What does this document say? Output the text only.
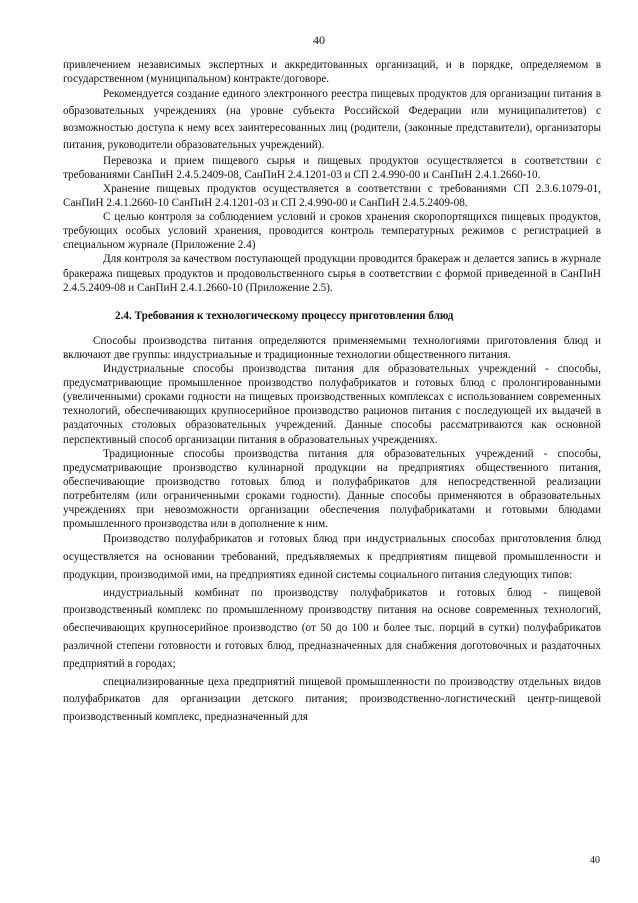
40

привлечением независимых экспертных и аккредитованных организаций, и в порядке, определяемом в государственном (муниципальном) контракте/договоре.

Рекомендуется создание единого электронного реестра пищевых продуктов для организации питания в образовательных учреждениях (на уровне субъекта Российской Федерации или муниципалитетов) с возможностью доступа к нему всех заинтересованных лиц (родители, (законные представители), организаторы питания, руководители образовательных учреждений).

Перевозка и прием пищевого сырья и пищевых продуктов осуществляется в соответствии с требованиями СанПиН 2.4.5.2409-08, СанПиН 2.4.1201-03 и СП 2.4.990-00 и СанПиН 2.4.1.2660-10.

Хранение пищевых продуктов осуществляется в соответствии с требованиями СП 2.3.6.1079-01, СанПиН 2.4.1.2660-10 СанПиН 2.4.1201-03 и СП 2.4.990-00 и СанПиН 2.4.5.2409-08.

С целью контроля за соблюдением условий и сроков хранения скоропортящихся пищевых продуктов, требующих особых условий хранения, проводится контроль температурных режимов с регистрацией в специальном журнале (Приложение 2.4)

Для контроля за качеством поступающей продукции проводится бракераж и делается запись в журнале бракеража пищевых продуктов и продовольственного сырья в соответствии с формой приведенной в СанПиН 2.4.5.2409-08 и СанПиН 2.4.1.2660-10 (Приложение 2.5).

2.4. Требования к технологическому процессу приготовления блюд

Способы производства питания определяются применяемыми технологиями приготовления блюд и включают две группы: индустриальные и традиционные технологии общественного питания.

Индустриальные способы производства питания для образовательных учреждений - способы, предусматривающие промышленное производство полуфабрикатов и готовых блюд с пролонгированными (увеличенными) сроками годности на пищевых производственных комплексах с использованием современных технологий, обеспечивающих крупносерийное производство рационов питания с последующей их выдачей в раздаточных столовых образовательных учреждений. Данные способы рассматриваются как основной перспективный способ организации питания в образовательных учреждениях.

Традиционные способы производства питания для образовательных учреждений - способы, предусматривающие производство кулинарной продукции на предприятиях общественного питания, обеспечивающие производство готовых блюд и полуфабрикатов для непосредственной реализации потребителям (или ограниченными сроками годности). Данные способы применяются в образовательных учреждениях при невозможности организации обеспечения полуфабрикатами и готовыми блюдами промышленного производства или в дополнение к ним.

Производство полуфабрикатов и готовых блюд при индустриальных способах приготовления блюд осуществляется на основании требований, предъявляемых к предприятиям пищевой промышленности и продукции, производимой ими, на предприятиях единой системы социального питания следующих типов:

индустриальный комбинат по производству полуфабрикатов и готовых блюд - пищевой производственный комплекс по промышленному производству питания на основе современных технологий, обеспечивающих крупносерийное производство (от 50 до 100 и более тыс. порций в сутки) полуфабрикатов различной степени готовности и готовых блюд, предназначенных для снабжения доготовочных и раздаточных предприятий в городах;

специализированные цеха предприятий пищевой промышленности по производству отдельных видов полуфабрикатов для организации детского питания; производственно-логистический центр-пищевой производственный комплекс, предназначенный для

40
